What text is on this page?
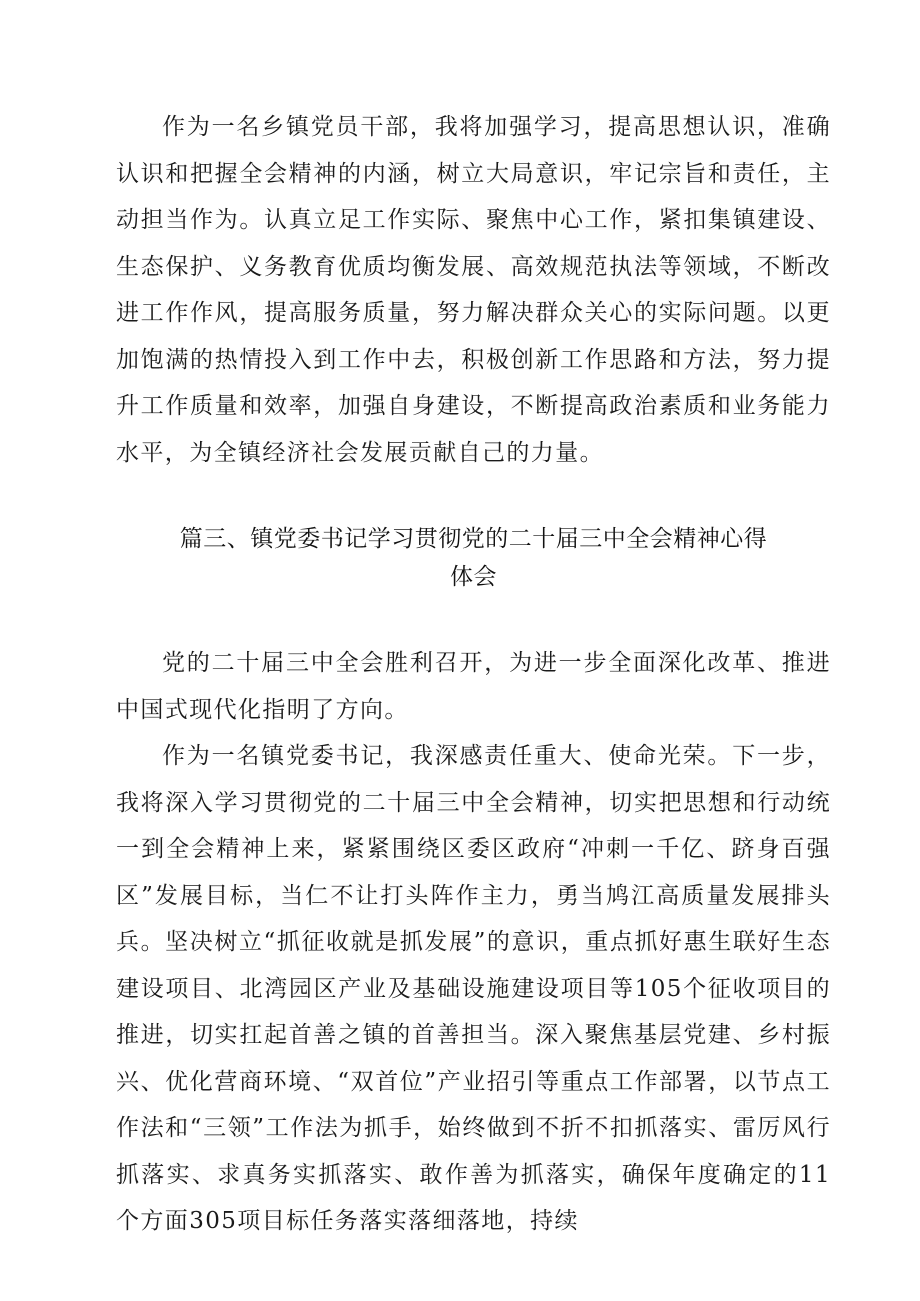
作为一名乡镇党员干部，我将加强学习，提高思想认识，准确认识和把握全会精神的内涵，树立大局意识，牢记宗旨和责任，主动担当作为。认真立足工作实际、聚焦中心工作，紧扣集镇建设、生态保护、义务教育优质均衡发展、高效规范执法等领域，不断改进工作作风，提高服务质量，努力解决群众关心的实际问题。以更加饱满的热情投入到工作中去，积极创新工作思路和方法，努力提升工作质量和效率，加强自身建设，不断提高政治素质和业务能力水平，为全镇经济社会发展贡献自己的力量。

篇三、镇党委书记学习贯彻党的二十届三中全会精神心得
体会

党的二十届三中全会胜利召开，为进一步全面深化改革、推进中国式现代化指明了方向。

作为一名镇党委书记，我深感责任重大、使命光荣。下一步，我将深入学习贯彻党的二十届三中全会精神，切实把思想和行动统一到全会精神上来，紧紧围绕区委区政府“冲刺一千亿、跻身百强区”发展目标，当仁不让打头阵作主力，勇当鸠江高质量发展排头兵。坚决树立“抓征收就是抓发展”的意识，重点抓好惠生联好生态建设项目、北湾园区产业及基础设施建设项目等105个征收项目的推进，切实扛起首善之镇的首善担当。深入聚焦基层党建、乡村振兴、优化营商环境、“双首位”产业招引等重点工作部署，以节点工作法和“三领”工作法为抓手，始终做到不折不扣抓落实、雷厉风行抓落实、求真务实抓落实、敢作善为抓落实，确保年度确定的11个方面305项目标任务落实落细落地，持续
